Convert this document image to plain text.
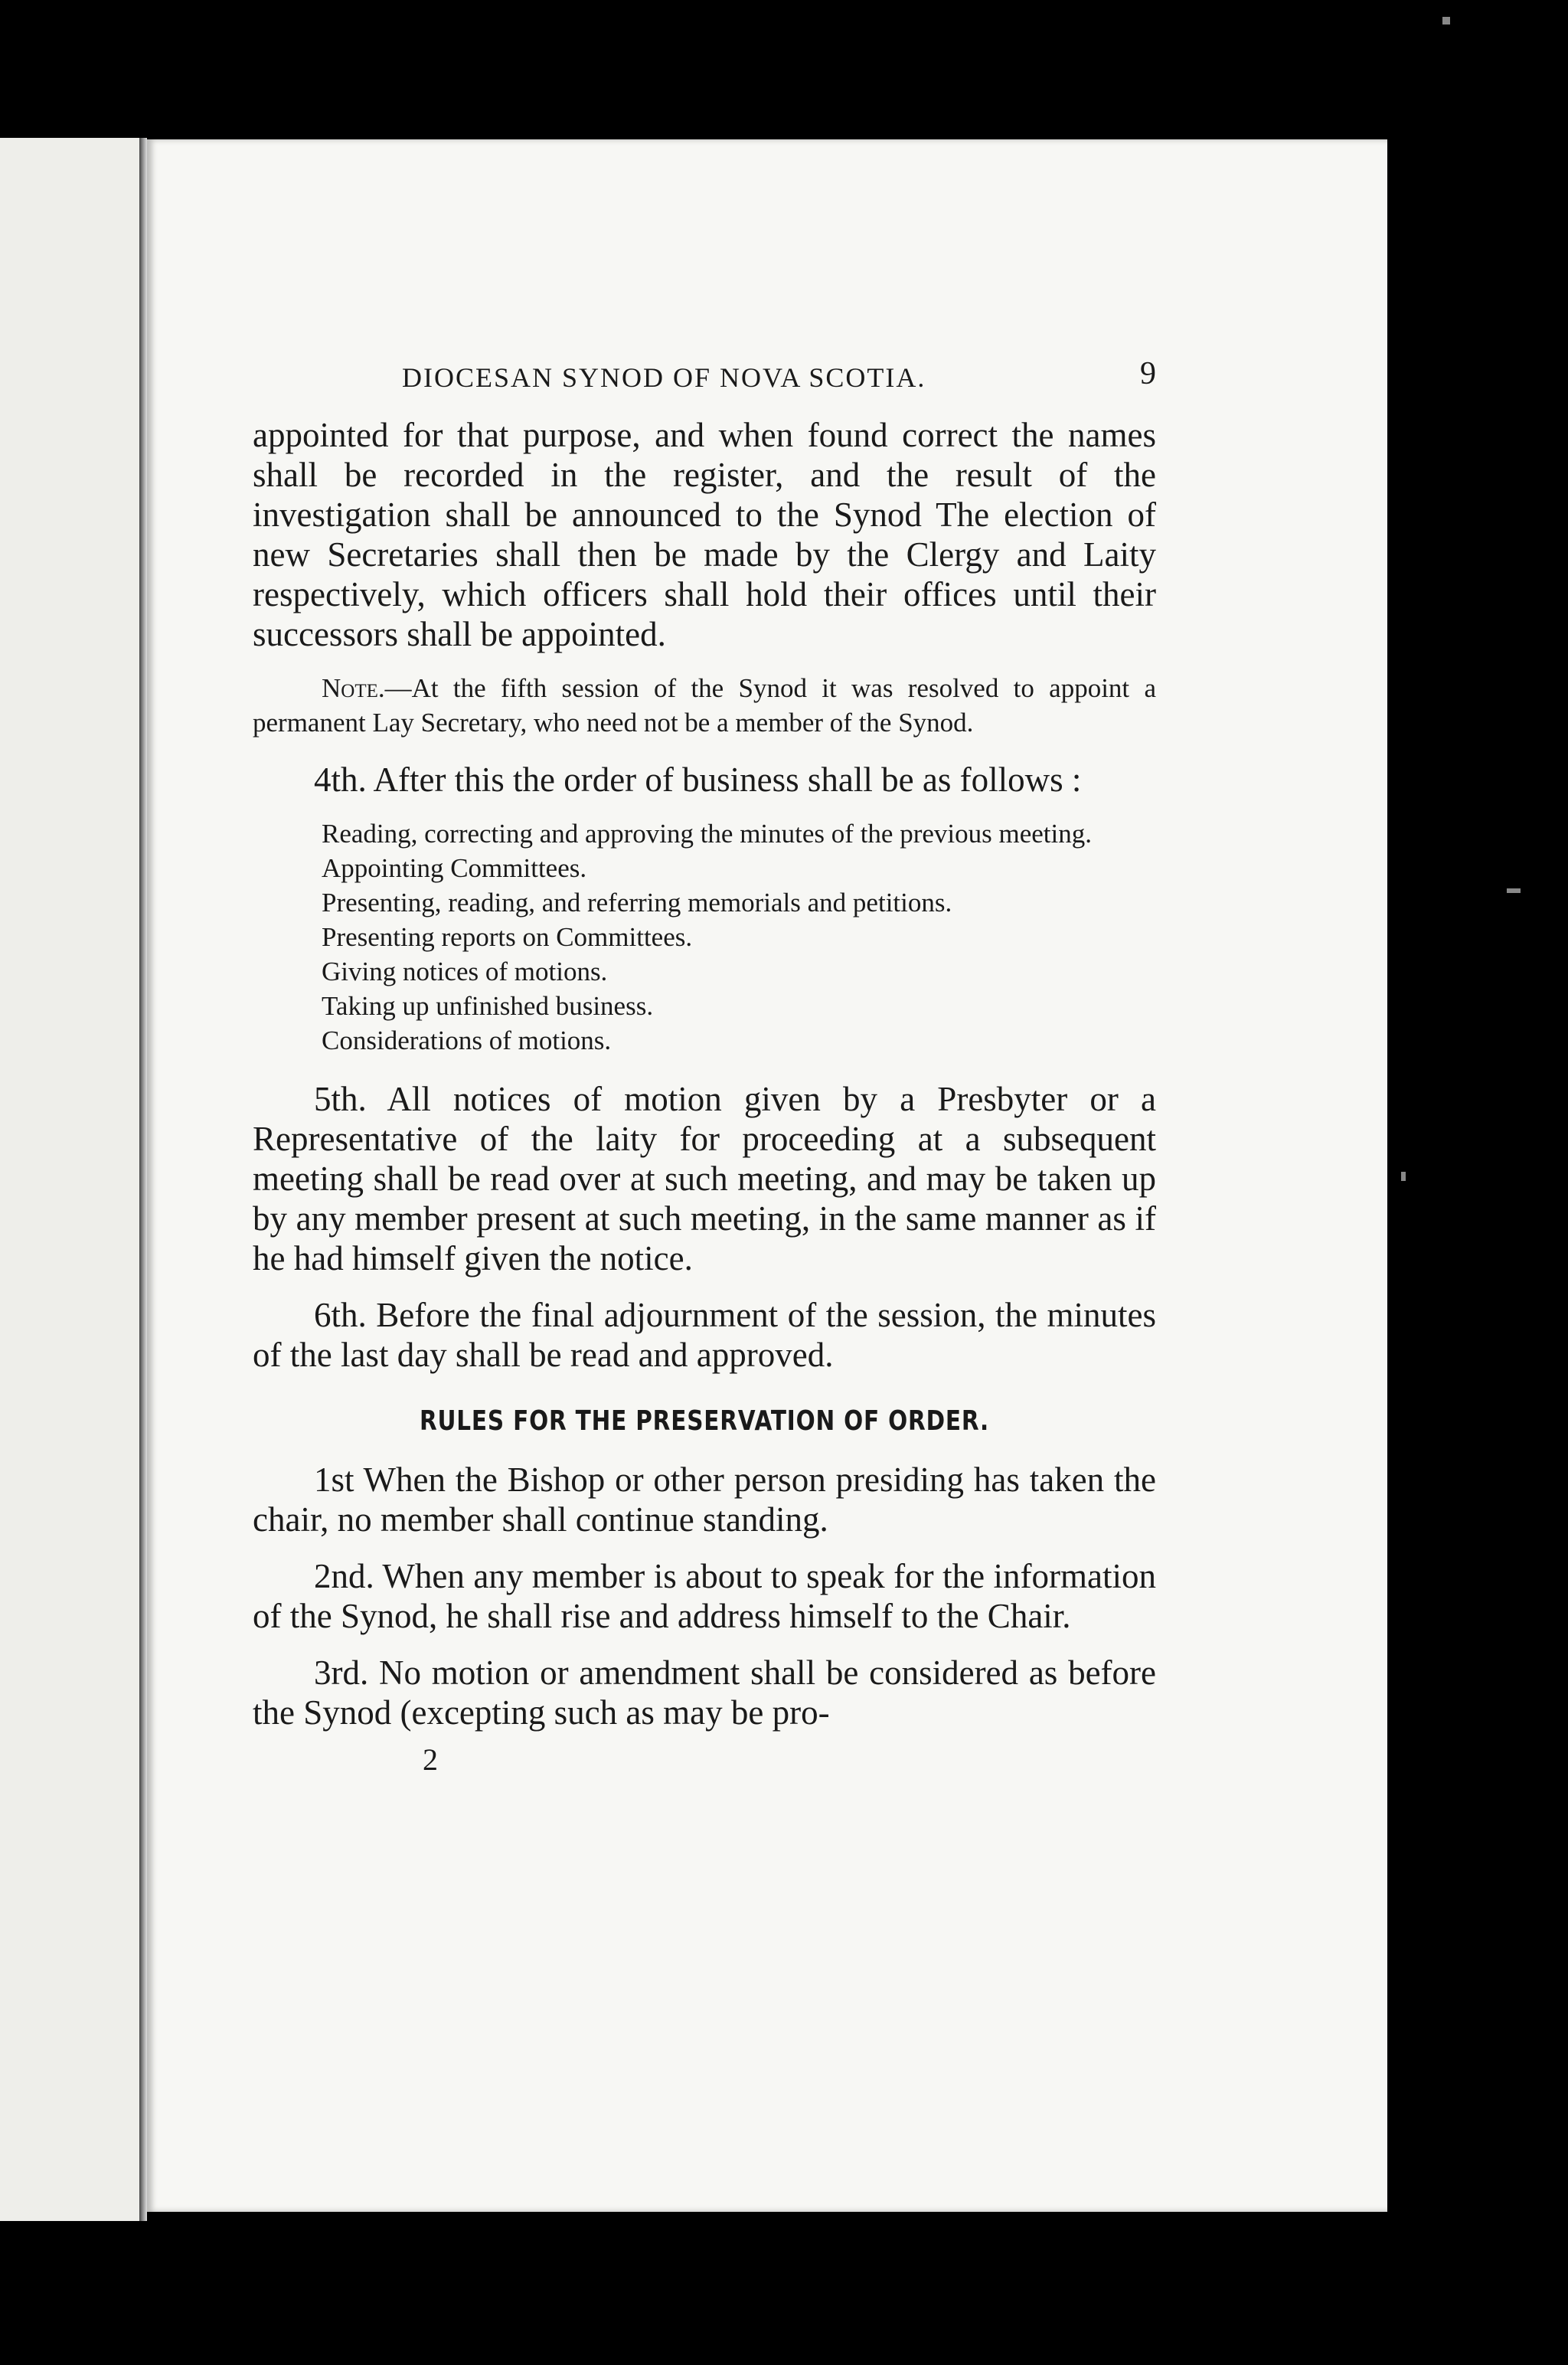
DIOCESAN SYNOD OF NOVA SCOTIA.	9

appointed for that purpose, and when found correct the names shall be recorded in the register, and the result of the investigation shall be announced to the Synod The election of new Secretaries shall then be made by the Clergy and Laity respectively, which officers shall hold their offices until their successors shall be appointed.

Note.—At the fifth session of the Synod it was resolved to appoint a permanent Lay Secretary, who need not be a member of the Synod.

4th. After this the order of business shall be as follows :

Reading, correcting and approving the minutes of the previous meeting.

Appointing Committees.

Presenting, reading, and referring memorials and petitions.

Presenting reports on Committees.

Giving notices of motions.

Taking up unfinished business.

Considerations of motions.

5th. All notices of motion given by a Presbyter or a Representative of the laity for proceeding at a subsequent meeting shall be read over at such meeting, and may be taken up by any member present at such meeting, in the same manner as if he had himself given the notice.

6th. Before the final adjournment of the session, the minutes of the last day shall be read and approved.

RULES FOR THE PRESERVATION OF ORDER.

1st When the Bishop or other person presiding has taken the chair, no member shall continue standing.

2nd. When any member is about to speak for the information of the Synod, he shall rise and address himself to the Chair.

3rd. No motion or amendment shall be considered as before the Synod (excepting such as may be pro-

2
